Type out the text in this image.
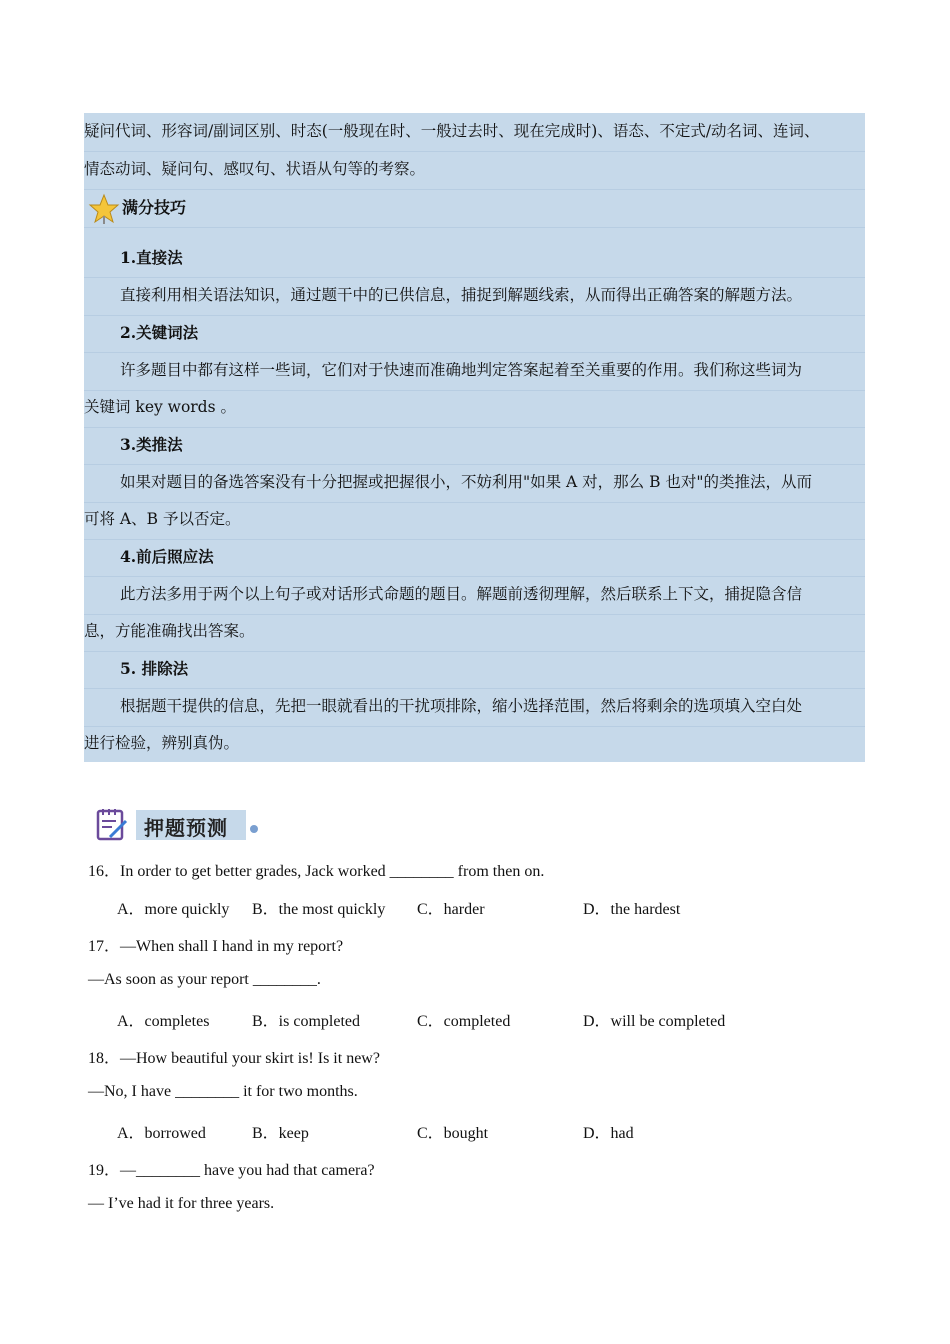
疑问代词、形容词/副词区别、时态(一般现在时、一般过去时、现在完成时)、语态、不定式/动名词、连词、
情态动词、疑问句、感叹句、状语从句等的考察。
满分技巧
1.直接法
直接利用相关语法知识，通过题干中的已供信息，捕捉到解题线索，从而得出正确答案的解题方法。
2.关键词法
许多题目中都有这样一些词，它们对于快速而准确地判定答案起着至关重要的作用。我们称这些词为
关键词 key words 。
3.类推法
如果对题目的备选答案没有十分把握或把握很小，不妨利用"如果 A 对，那么 B 也对"的类推法，从而
可将 A、B 予以否定。
4.前后照应法
此方法多用于两个以上句子或对话形式命题的题目。解题前透彻理解，然后联系上下文，捕捉隐含信
息，方能准确找出答案。
5. 排除法
根据题干提供的信息，先把一眼就看出的干扰项排除，缩小选择范围，然后将剩余的选项填入空白处
进行检验，辨别真伪。
押题预测
16．In order to get better grades, Jack worked ________ from then on.
A．more quickly B．the most quickly C．harder	D．the hardest
17．—When shall I hand in my report?
—As soon as your report ________.
A．completes	B．is completed	C．completed	D．will be completed
18．—How beautiful your skirt is! Is it new?
—No, I have ________ it for two months.
A．borrowed	B．keep	C．bought	D．had
19．—________ have you had that camera?
— I’ve had it for three years.
